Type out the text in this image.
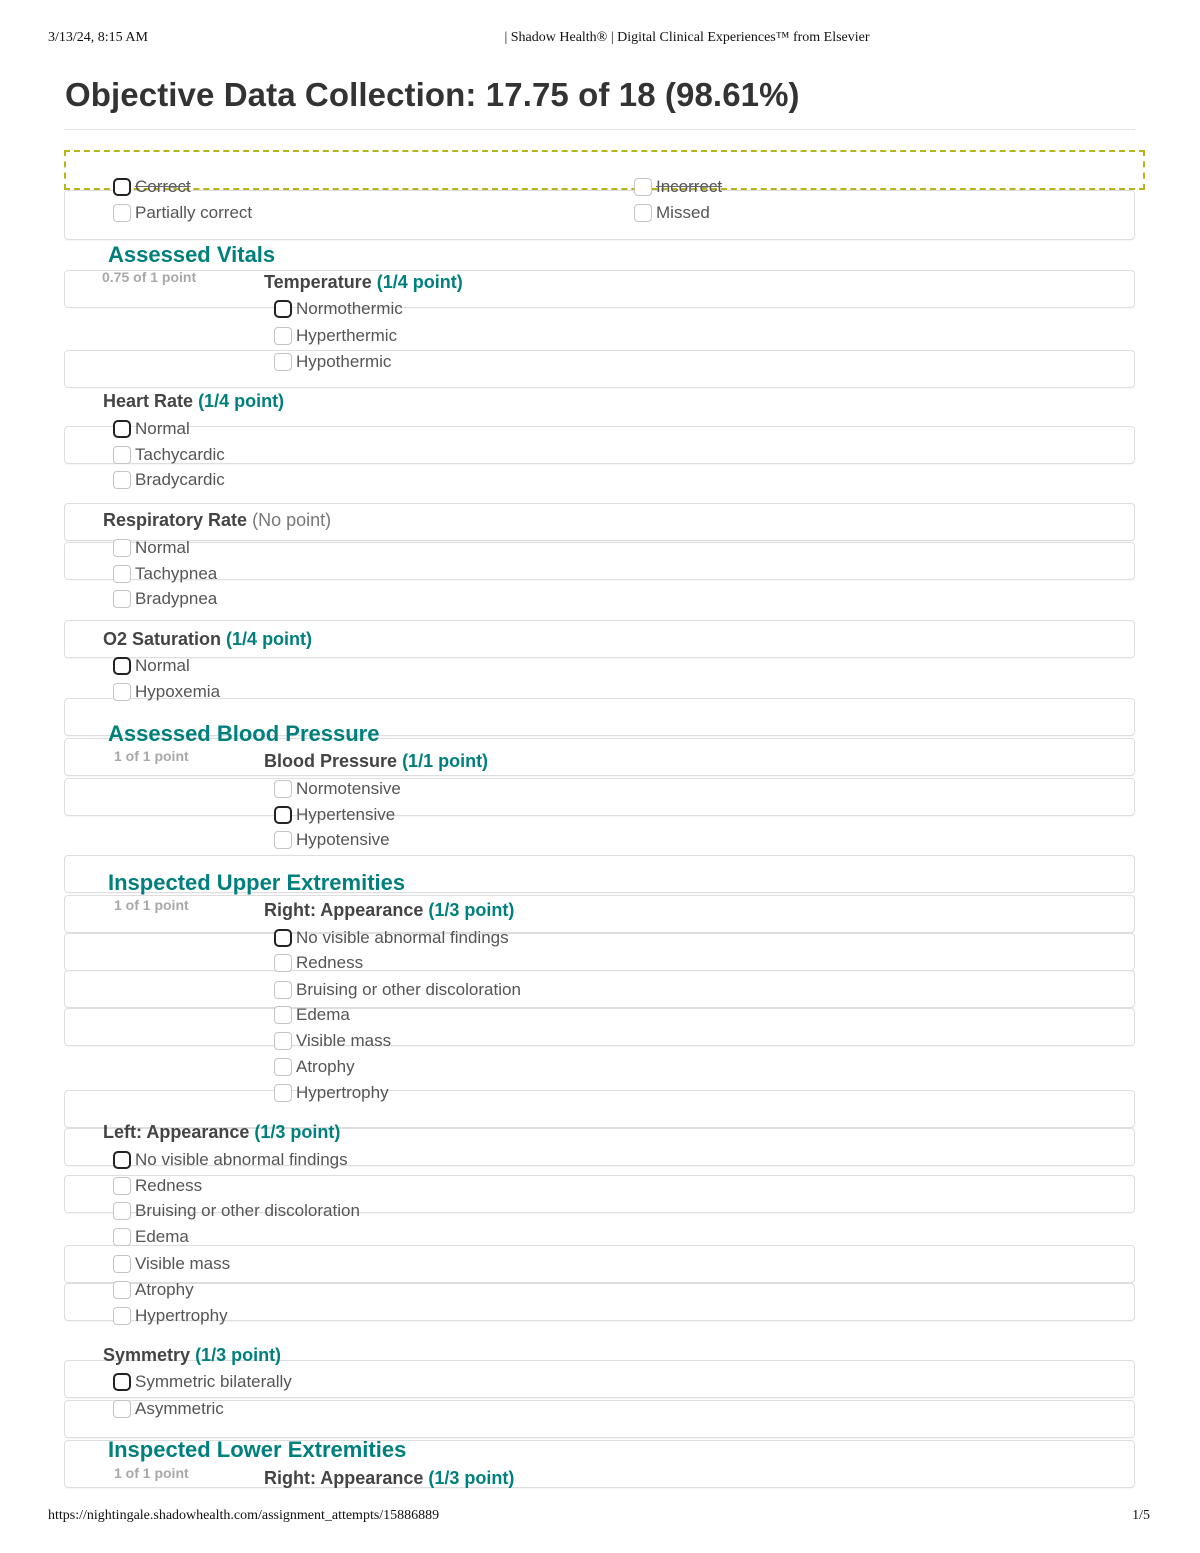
3/13/24, 8:15 AM	| Shadow Health® | Digital Clinical Experiences™ from Elsevier
https://nightingale.shadowhealth.com/assignment_attempts/15886889	1/5
Objective Data Collection: 17.75 of 18 (98.61%)
Correct	Incorrect
Partially correct	Missed
Assessed Vitals
0.75 of 1 point	Temperature (1/4 point)
Normothermic
Hyperthermic
Hypothermic
Heart Rate (1/4 point)
Normal
Tachycardic
Bradycardic
Respiratory Rate (No point)
Normal
Tachypnea
Bradypnea
O2 Saturation (1/4 point)
Normal
Hypoxemia
Assessed Blood Pressure
1 of 1 point	Blood Pressure (1/1 point)
Normotensive
Hypertensive
Hypotensive
Inspected Upper Extremities
1 of 1 point	Right: Appearance (1/3 point)
No visible abnormal findings
Redness
Bruising or other discoloration
Edema
Visible mass
Atrophy
Hypertrophy
Left: Appearance (1/3 point)
No visible abnormal findings
Redness
Bruising or other discoloration
Edema
Visible mass
Atrophy
Hypertrophy
Symmetry (1/3 point)
Symmetric bilaterally
Asymmetric
Inspected Lower Extremities
1 of 1 point	Right: Appearance (1/3 point)
